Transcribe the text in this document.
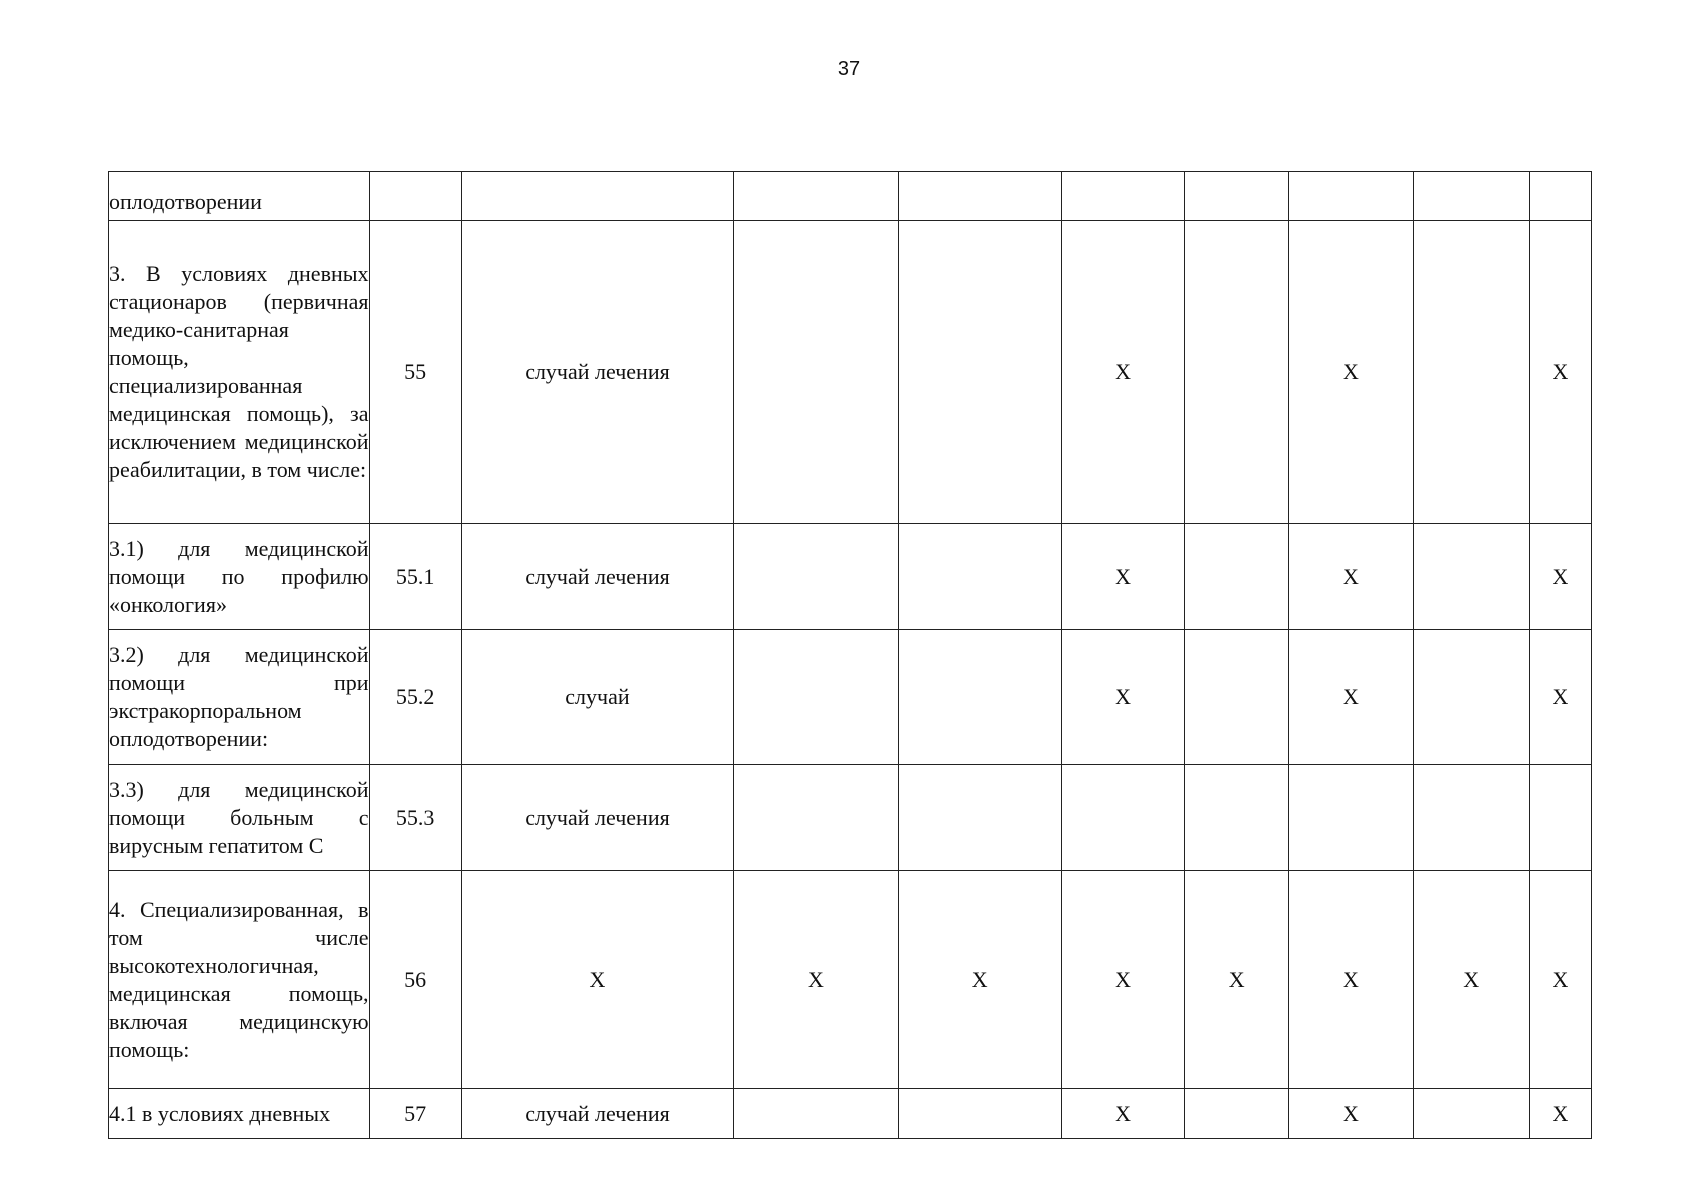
37
оплодотворении									
3. В условиях дневных стационаров (первичная медико-санитарная помощь, специализированная медицинская помощь), за исключением медицинской реабилитации, в том числе:	55	случай лечения			X		X		X
3.1) для медицинской помощи по профилю «онкология»	55.1	случай лечения			X		X		X
3.2) для медицинской помощи при экстракорпоральном оплодотворении:	55.2	случай			X		X		X
3.3) для медицинской помощи больным с вирусным гепатитом С	55.3	случай лечения							
4. Специализированная, в том числе высокотехнологичная, медицинская помощь, включая медицинскую помощь:	56	X	X	X	X	X	X	X	X
4.1 в условиях дневных	57	случай лечения			X		X		X
